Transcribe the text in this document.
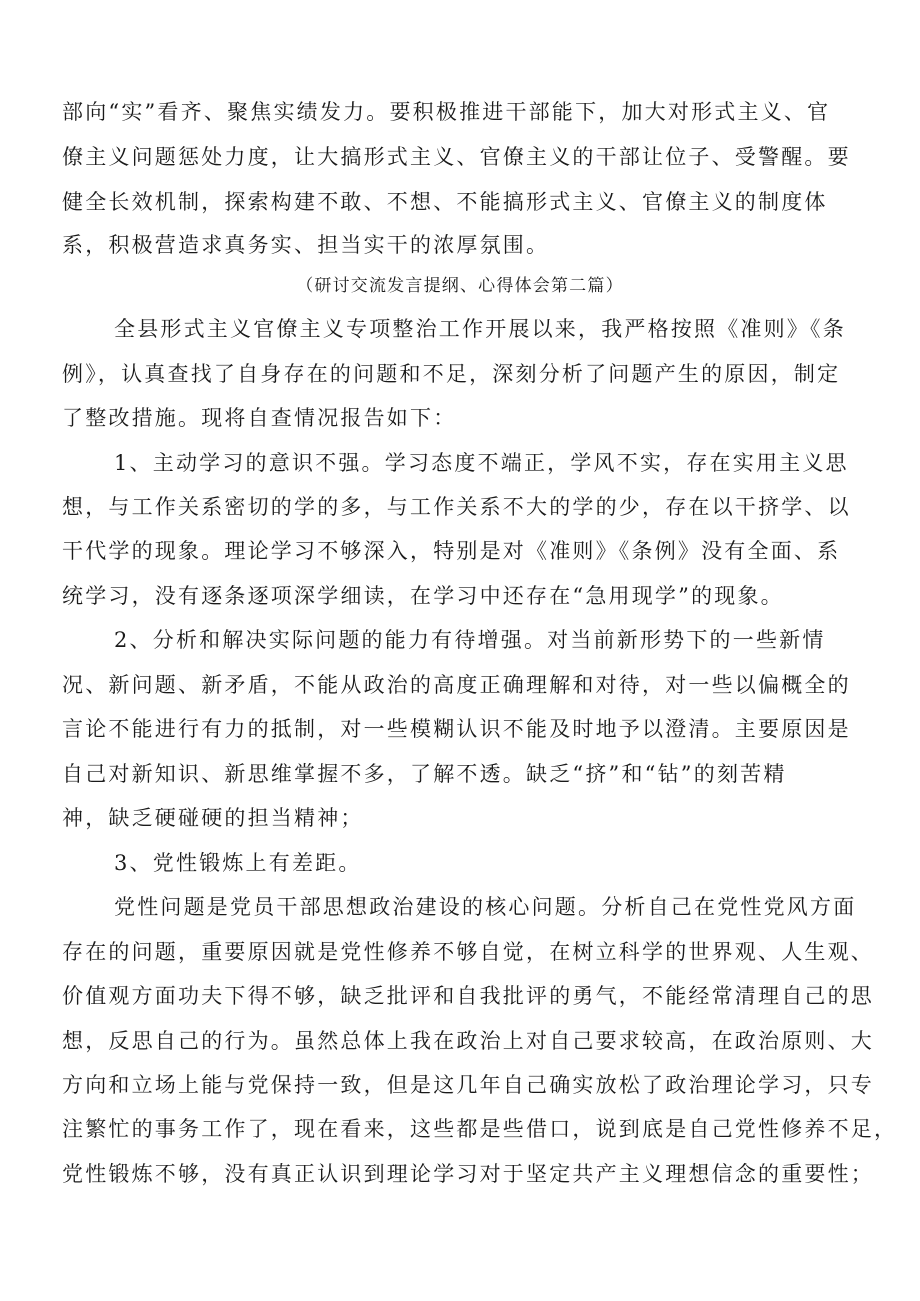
部向“实”看齐、聚焦实绩发力。要积极推进干部能下，加大对形式主义、官
僚主义问题惩处力度，让大搞形式主义、官僚主义的干部让位子、受警醒。要
健全长效机制，探索构建不敢、不想、不能搞形式主义、官僚主义的制度体
系，积极营造求真务实、担当实干的浓厚氛围。
（研讨交流发言提纲、心得体会第二篇）
全县形式主义官僚主义专项整治工作开展以来，我严格按照《准则》《条
例》，认真查找了自身存在的问题和不足，深刻分析了问题产生的原因，制定
了整改措施。现将自查情况报告如下：
1、主动学习的意识不强。学习态度不端正，学风不实，存在实用主义思
想，与工作关系密切的学的多，与工作关系不大的学的少，存在以干挤学、以
干代学的现象。理论学习不够深入，特别是对《准则》《条例》没有全面、系
统学习，没有逐条逐项深学细读，在学习中还存在“急用现学”的现象。
2、分析和解决实际问题的能力有待增强。对当前新形势下的一些新情
况、新问题、新矛盾，不能从政治的高度正确理解和对待，对一些以偏概全的
言论不能进行有力的抵制，对一些模糊认识不能及时地予以澄清。主要原因是
自己对新知识、新思维掌握不多，了解不透。缺乏“挤”和“钻”的刻苦精
神，缺乏硬碰硬的担当精神；
3、党性锻炼上有差距。
党性问题是党员干部思想政治建设的核心问题。分析自己在党性党风方面
存在的问题，重要原因就是党性修养不够自觉，在树立科学的世界观、人生观、
价值观方面功夫下得不够，缺乏批评和自我批评的勇气，不能经常清理自己的思
想，反思自己的行为。虽然总体上我在政治上对自己要求较高，在政治原则、大
方向和立场上能与党保持一致，但是这几年自己确实放松了政治理论学习，只专
注繁忙的事务工作了，现在看来，这些都是些借口，说到底是自己党性修养不足，
党性锻炼不够，没有真正认识到理论学习对于坚定共产主义理想信念的重要性；
